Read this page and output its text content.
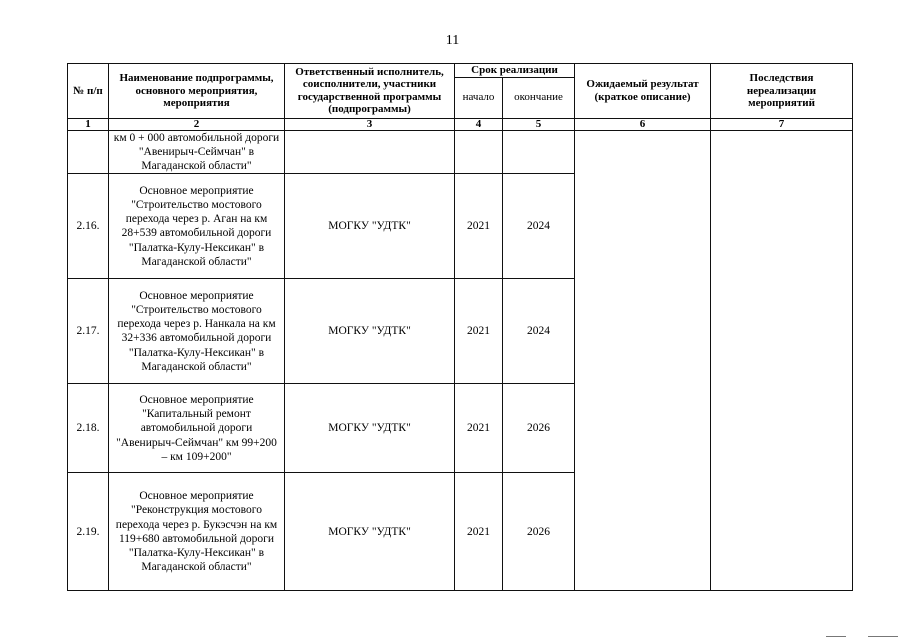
11
№ п/п	Наименование подпрограммы, основного мероприятия, мероприятия	Ответственный исполнитель, соисполнители, участники государственной программы (подпрограммы)	Срок реализации		Ожидаемый результат (краткое описание)	Последствия нереализации мероприятий
			начало	окончание		
1	2	3	4	5	6	7
	км 0 + 000 автомобильной дороги "Авенирыч-Сеймчан" в Магаданской области"					
2.16.	Основное мероприятие "Строительство мостового перехода через р. Аган на км 28+539 автомобильной дороги "Палатка-Кулу-Нексикан" в Магаданской области"	МОГКУ "УДТК"	2021	2024		
2.17.	Основное мероприятие "Строительство мостового перехода через р. Нанкала на км 32+336 автомобильной дороги "Палатка-Кулу-Нексикан" в Магаданской области"	МОГКУ "УДТК"	2021	2024		
2.18.	Основное мероприятие "Капитальный ремонт автомобильной дороги "Авенирыч-Сеймчан" км 99+200 – км 109+200"	МОГКУ "УДТК"	2021	2026		
2.19.	Основное мероприятие "Реконструкция мостового перехода через р. Букэсчэн на км 119+680 автомобильной дороги "Палатка-Кулу-Нексикан" в Магаданской области"	МОГКУ "УДТК"	2021	2026		
